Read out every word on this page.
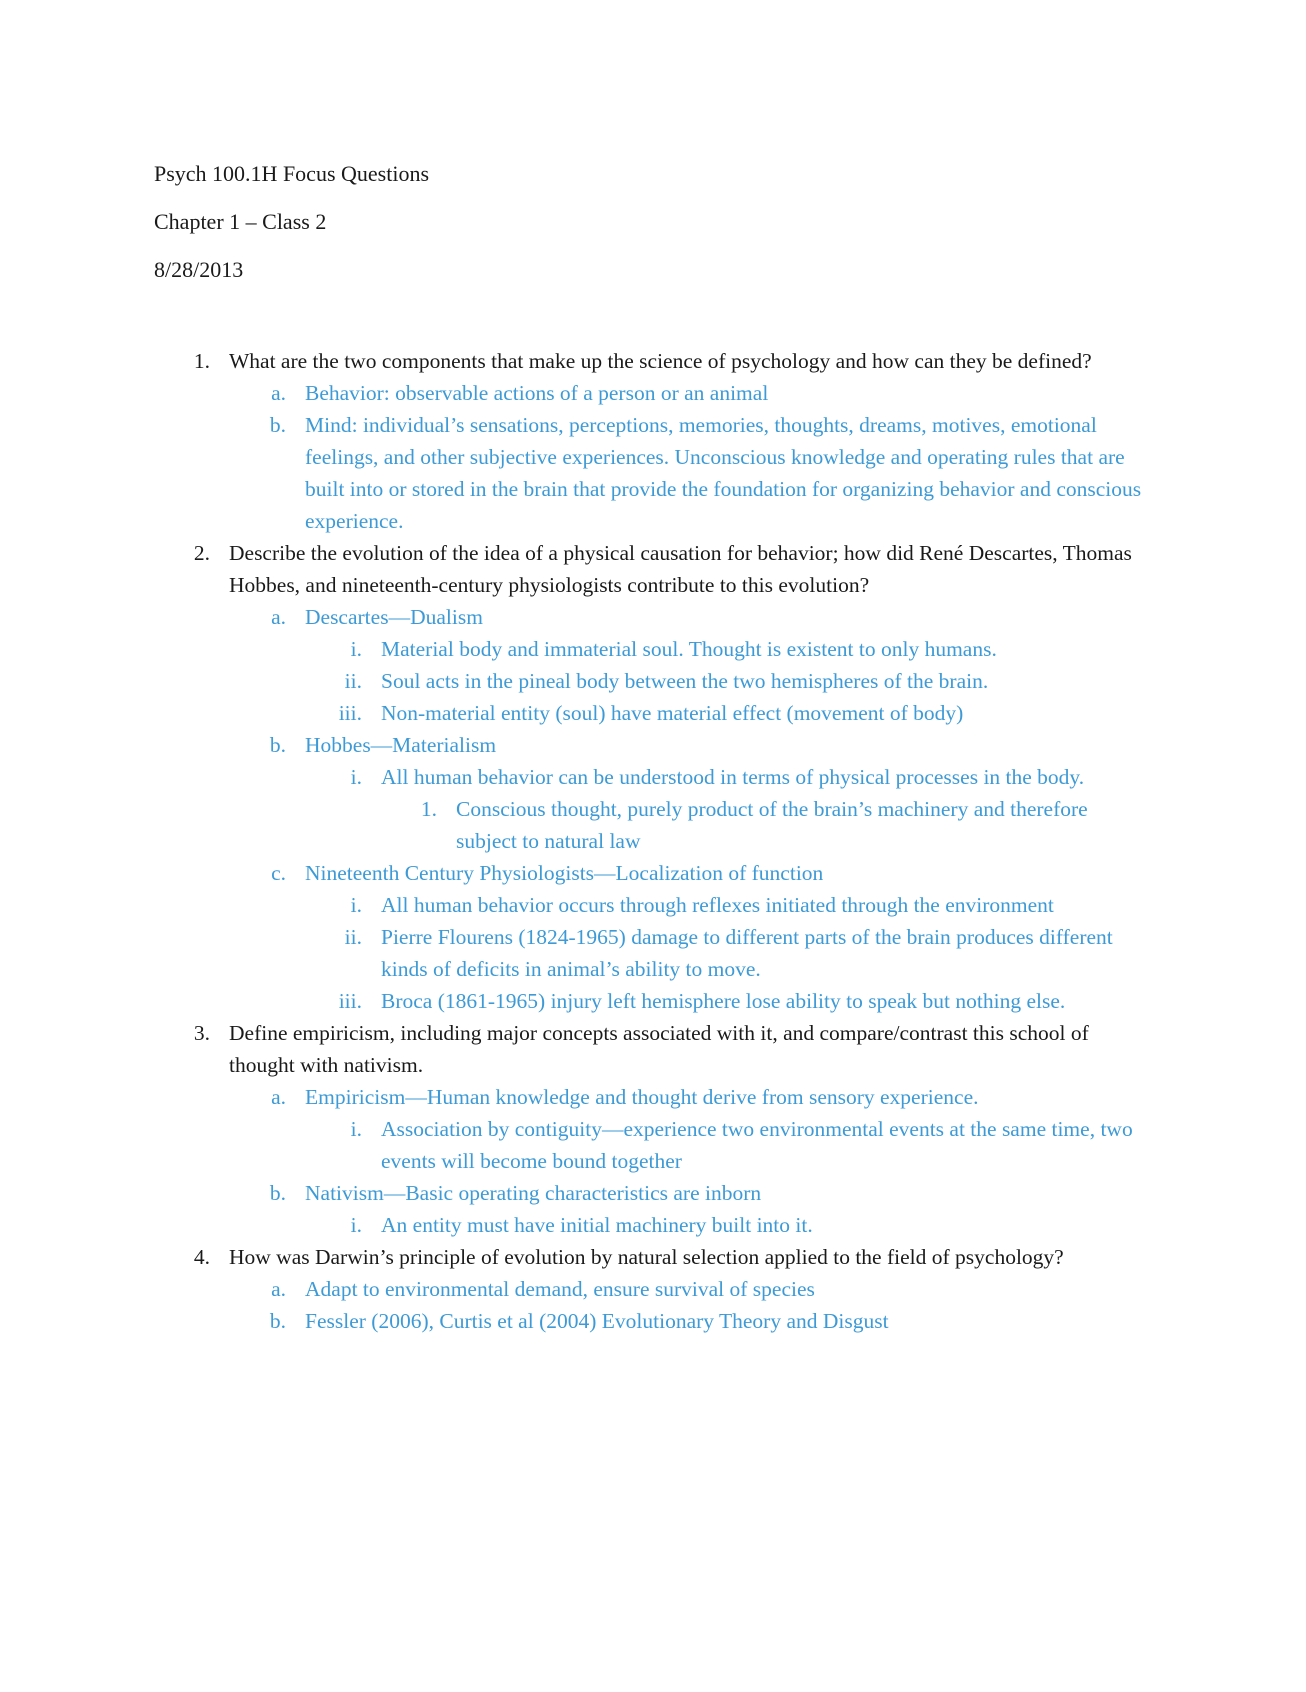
Psych 100.1H Focus Questions
Chapter 1 – Class 2
8/28/2013
1. What are the two components that make up the science of psychology and how can they be defined?
a. Behavior: observable actions of a person or an animal
b. Mind: individual’s sensations, perceptions, memories, thoughts, dreams, motives, emotional feelings, and other subjective experiences. Unconscious knowledge and operating rules that are built into or stored in the brain that provide the foundation for organizing behavior and conscious experience.
2. Describe the evolution of the idea of a physical causation for behavior; how did René Descartes, Thomas Hobbes, and nineteenth-century physiologists contribute to this evolution?
a. Descartes—Dualism
i. Material body and immaterial soul. Thought is existent to only humans.
ii. Soul acts in the pineal body between the two hemispheres of the brain.
iii. Non-material entity (soul) have material effect (movement of body)
b. Hobbes—Materialism
i. All human behavior can be understood in terms of physical processes in the body.
1. Conscious thought, purely product of the brain’s machinery and therefore subject to natural law
c. Nineteenth Century Physiologists—Localization of function
i. All human behavior occurs through reflexes initiated through the environment
ii. Pierre Flourens (1824-1965) damage to different parts of the brain produces different kinds of deficits in animal’s ability to move.
iii. Broca (1861-1965) injury left hemisphere lose ability to speak but nothing else.
3. Define empiricism, including major concepts associated with it, and compare/contrast this school of thought with nativism.
a. Empiricism—Human knowledge and thought derive from sensory experience.
i. Association by contiguity—experience two environmental events at the same time, two events will become bound together
b. Nativism—Basic operating characteristics are inborn
i. An entity must have initial machinery built into it.
4. How was Darwin’s principle of evolution by natural selection applied to the field of psychology?
a. Adapt to environmental demand, ensure survival of species
b. Fessler (2006), Curtis et al (2004) Evolutionary Theory and Disgust
